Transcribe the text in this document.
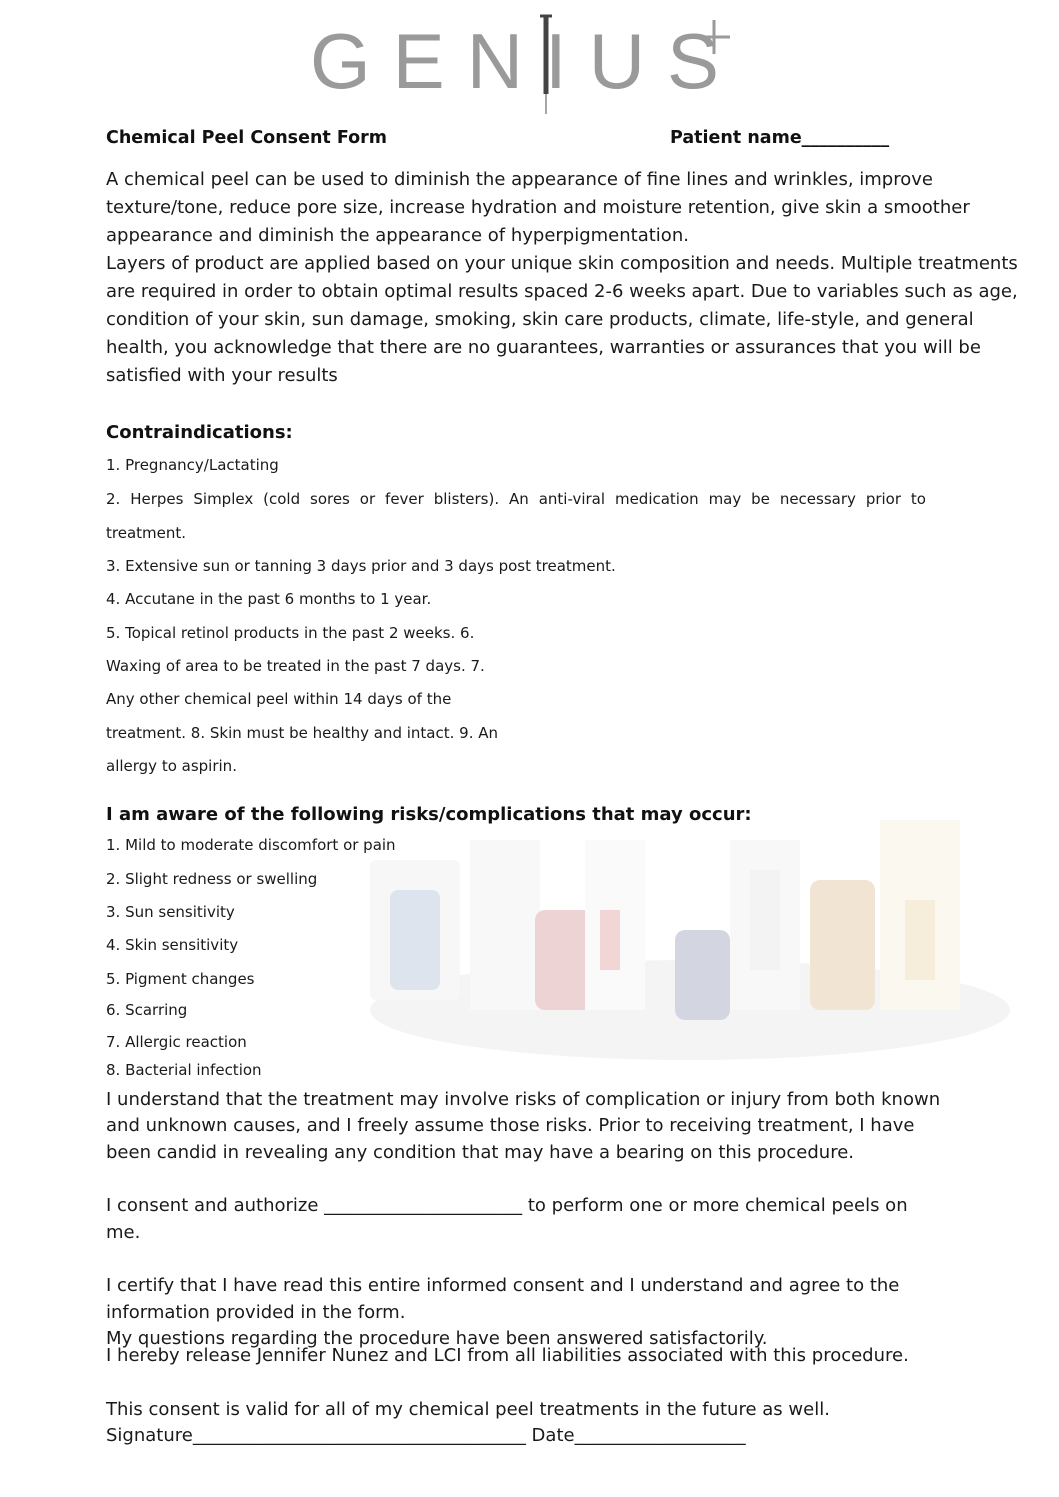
GENIUS
Chemical Peel Consent Form	Patient name__________
A chemical peel can be used to diminish the appearance of fine lines and wrinkles, improve
texture/tone, reduce pore size, increase hydration and moisture retention, give skin a smoother
appearance and diminish the appearance of hyperpigmentation.
Layers of product are applied based on your unique skin composition and needs. Multiple treatments
are required in order to obtain optimal results spaced 2-6 weeks apart. Due to variables such as age,
condition of your skin, sun damage, smoking, skin care products, climate, life-style, and general
health, you acknowledge that there are no guarantees, warranties or assurances that you will be
satisfied with your results
Contraindications:
1. Pregnancy/Lactating
2. Herpes Simplex (cold sores or fever blisters). An anti-viral medication may be necessary prior to
treatment.
3. Extensive sun or tanning 3 days prior and 3 days post treatment.
4. Accutane in the past 6 months to 1 year.
5. Topical retinol products in the past 2 weeks. 6.
Waxing of area to be treated in the past 7 days. 7.
Any other chemical peel within 14 days of the
treatment. 8. Skin must be healthy and intact. 9. An
allergy to aspirin.
I am aware of the following risks/complications that may occur:
1. Mild to moderate discomfort or pain
2. Slight redness or swelling
3. Sun sensitivity
4. Skin sensitivity
5. Pigment changes
6. Scarring
7. Allergic reaction
8. Bacterial infection
I understand that the treatment may involve risks of complication or injury from both known
and unknown causes, and I freely assume those risks. Prior to receiving treatment, I have
been candid in revealing any condition that may have a bearing on this procedure.
I consent and authorize ______________________ to perform one or more chemical peels on
me.
I certify that I have read this entire informed consent and I understand and agree to the
information provided in the form.
My questions regarding the procedure have been answered satisfactorily.
I hereby release Jennifer Nunez and LCI from all liabilities associated with this procedure.
This consent is valid for all of my chemical peel treatments in the future as well.
Signature_____________________________________ Date___________________
